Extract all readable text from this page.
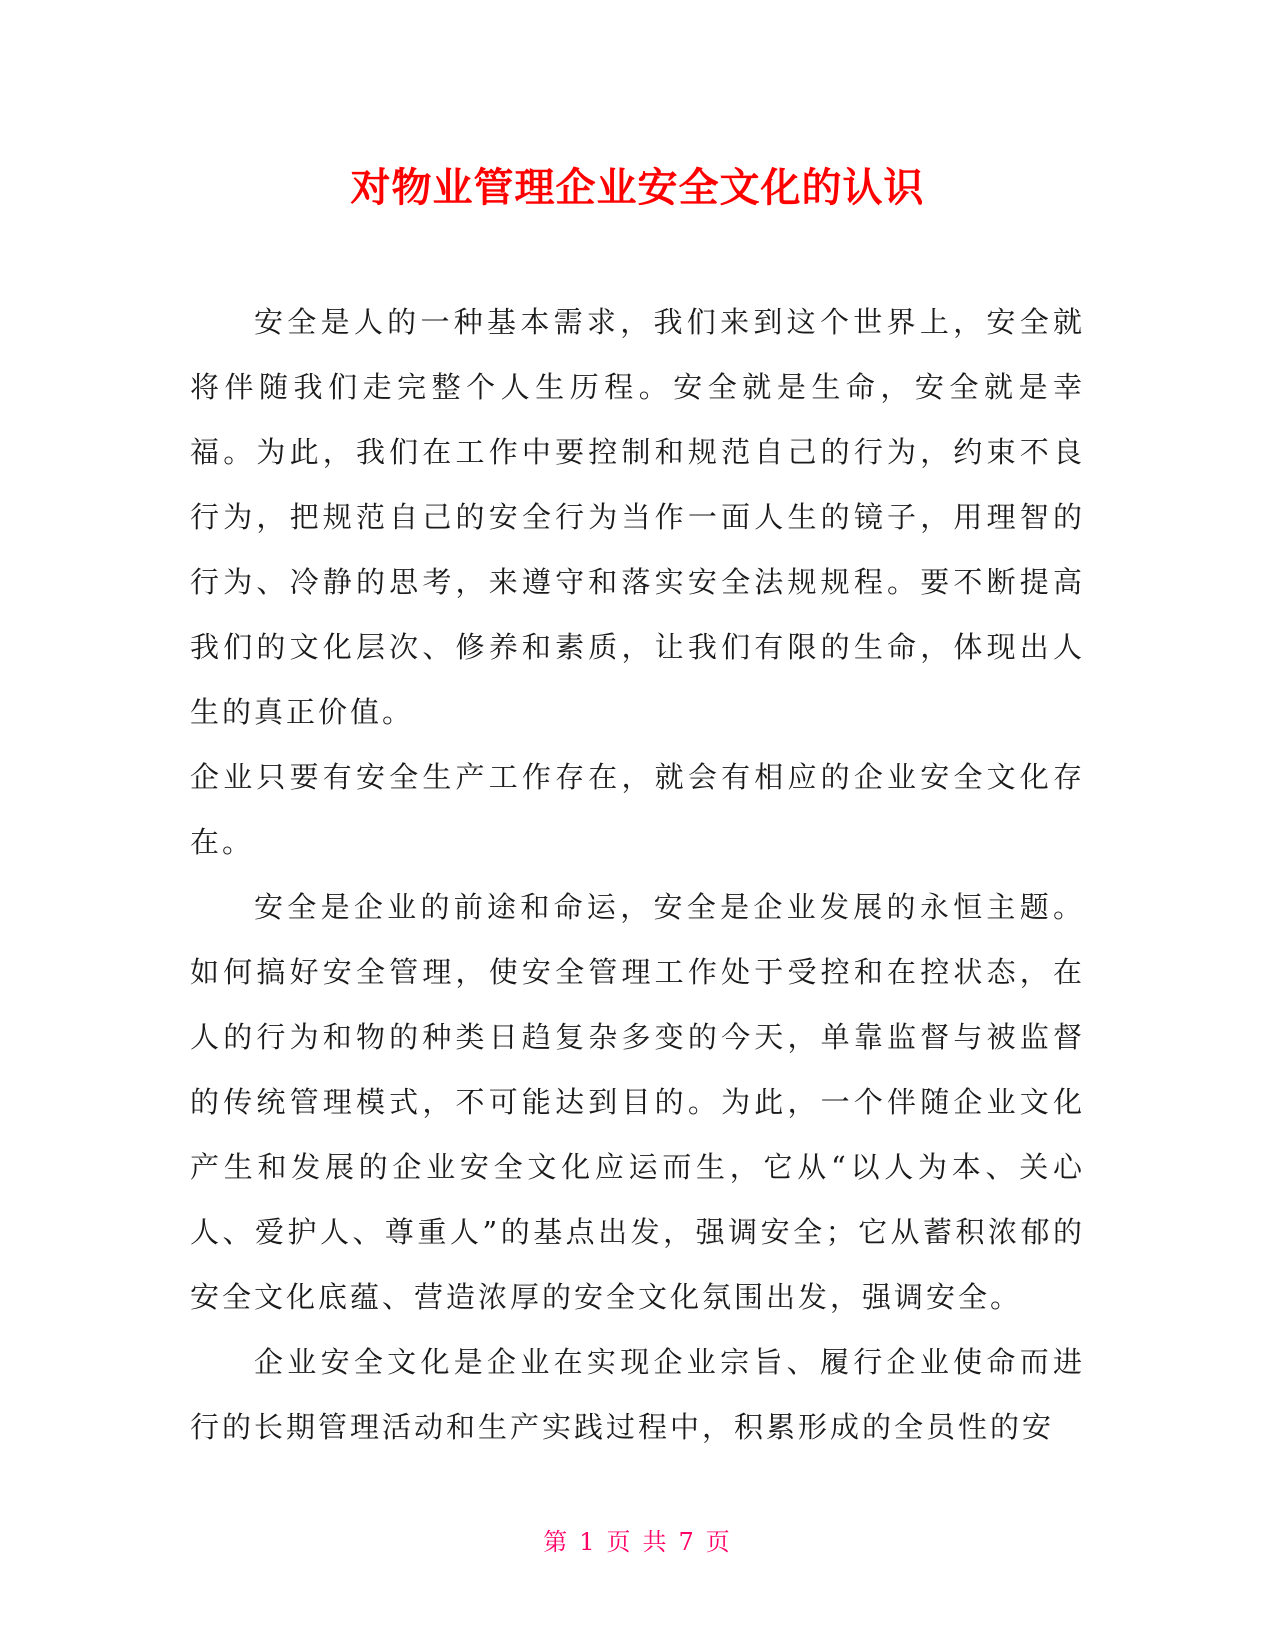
对物业管理企业安全文化的认识

安全是人的一种基本需求，我们来到这个世界上，安全就将伴随我们走完整个人生历程。安全就是生命，安全就是幸福。为此，我们在工作中要控制和规范自己的行为，约束不良行为，把规范自己的安全行为当作一面人生的镜子，用理智的行为、冷静的思考，来遵守和落实安全法规规程。要不断提高我们的文化层次、修养和素质，让我们有限的生命，体现出人生的真正价值。

企业只要有安全生产工作存在，就会有相应的企业安全文化存在。

安全是企业的前途和命运，安全是企业发展的永恒主题。如何搞好安全管理，使安全管理工作处于受控和在控状态，在人的行为和物的种类日趋复杂多变的今天，单靠监督与被监督的传统管理模式，不可能达到目的。为此，一个伴随企业文化产生和发展的企业安全文化应运而生，它从“以人为本、关心人、爱护人、尊重人”的基点出发，强调安全；它从蓄积浓郁的安全文化底蕴、营造浓厚的安全文化氛围出发，强调安全。

企业安全文化是企业在实现企业宗旨、履行企业使命而进行的长期管理活动和生产实践过程中，积累形成的全员性的安

第 1 页 共 7 页
